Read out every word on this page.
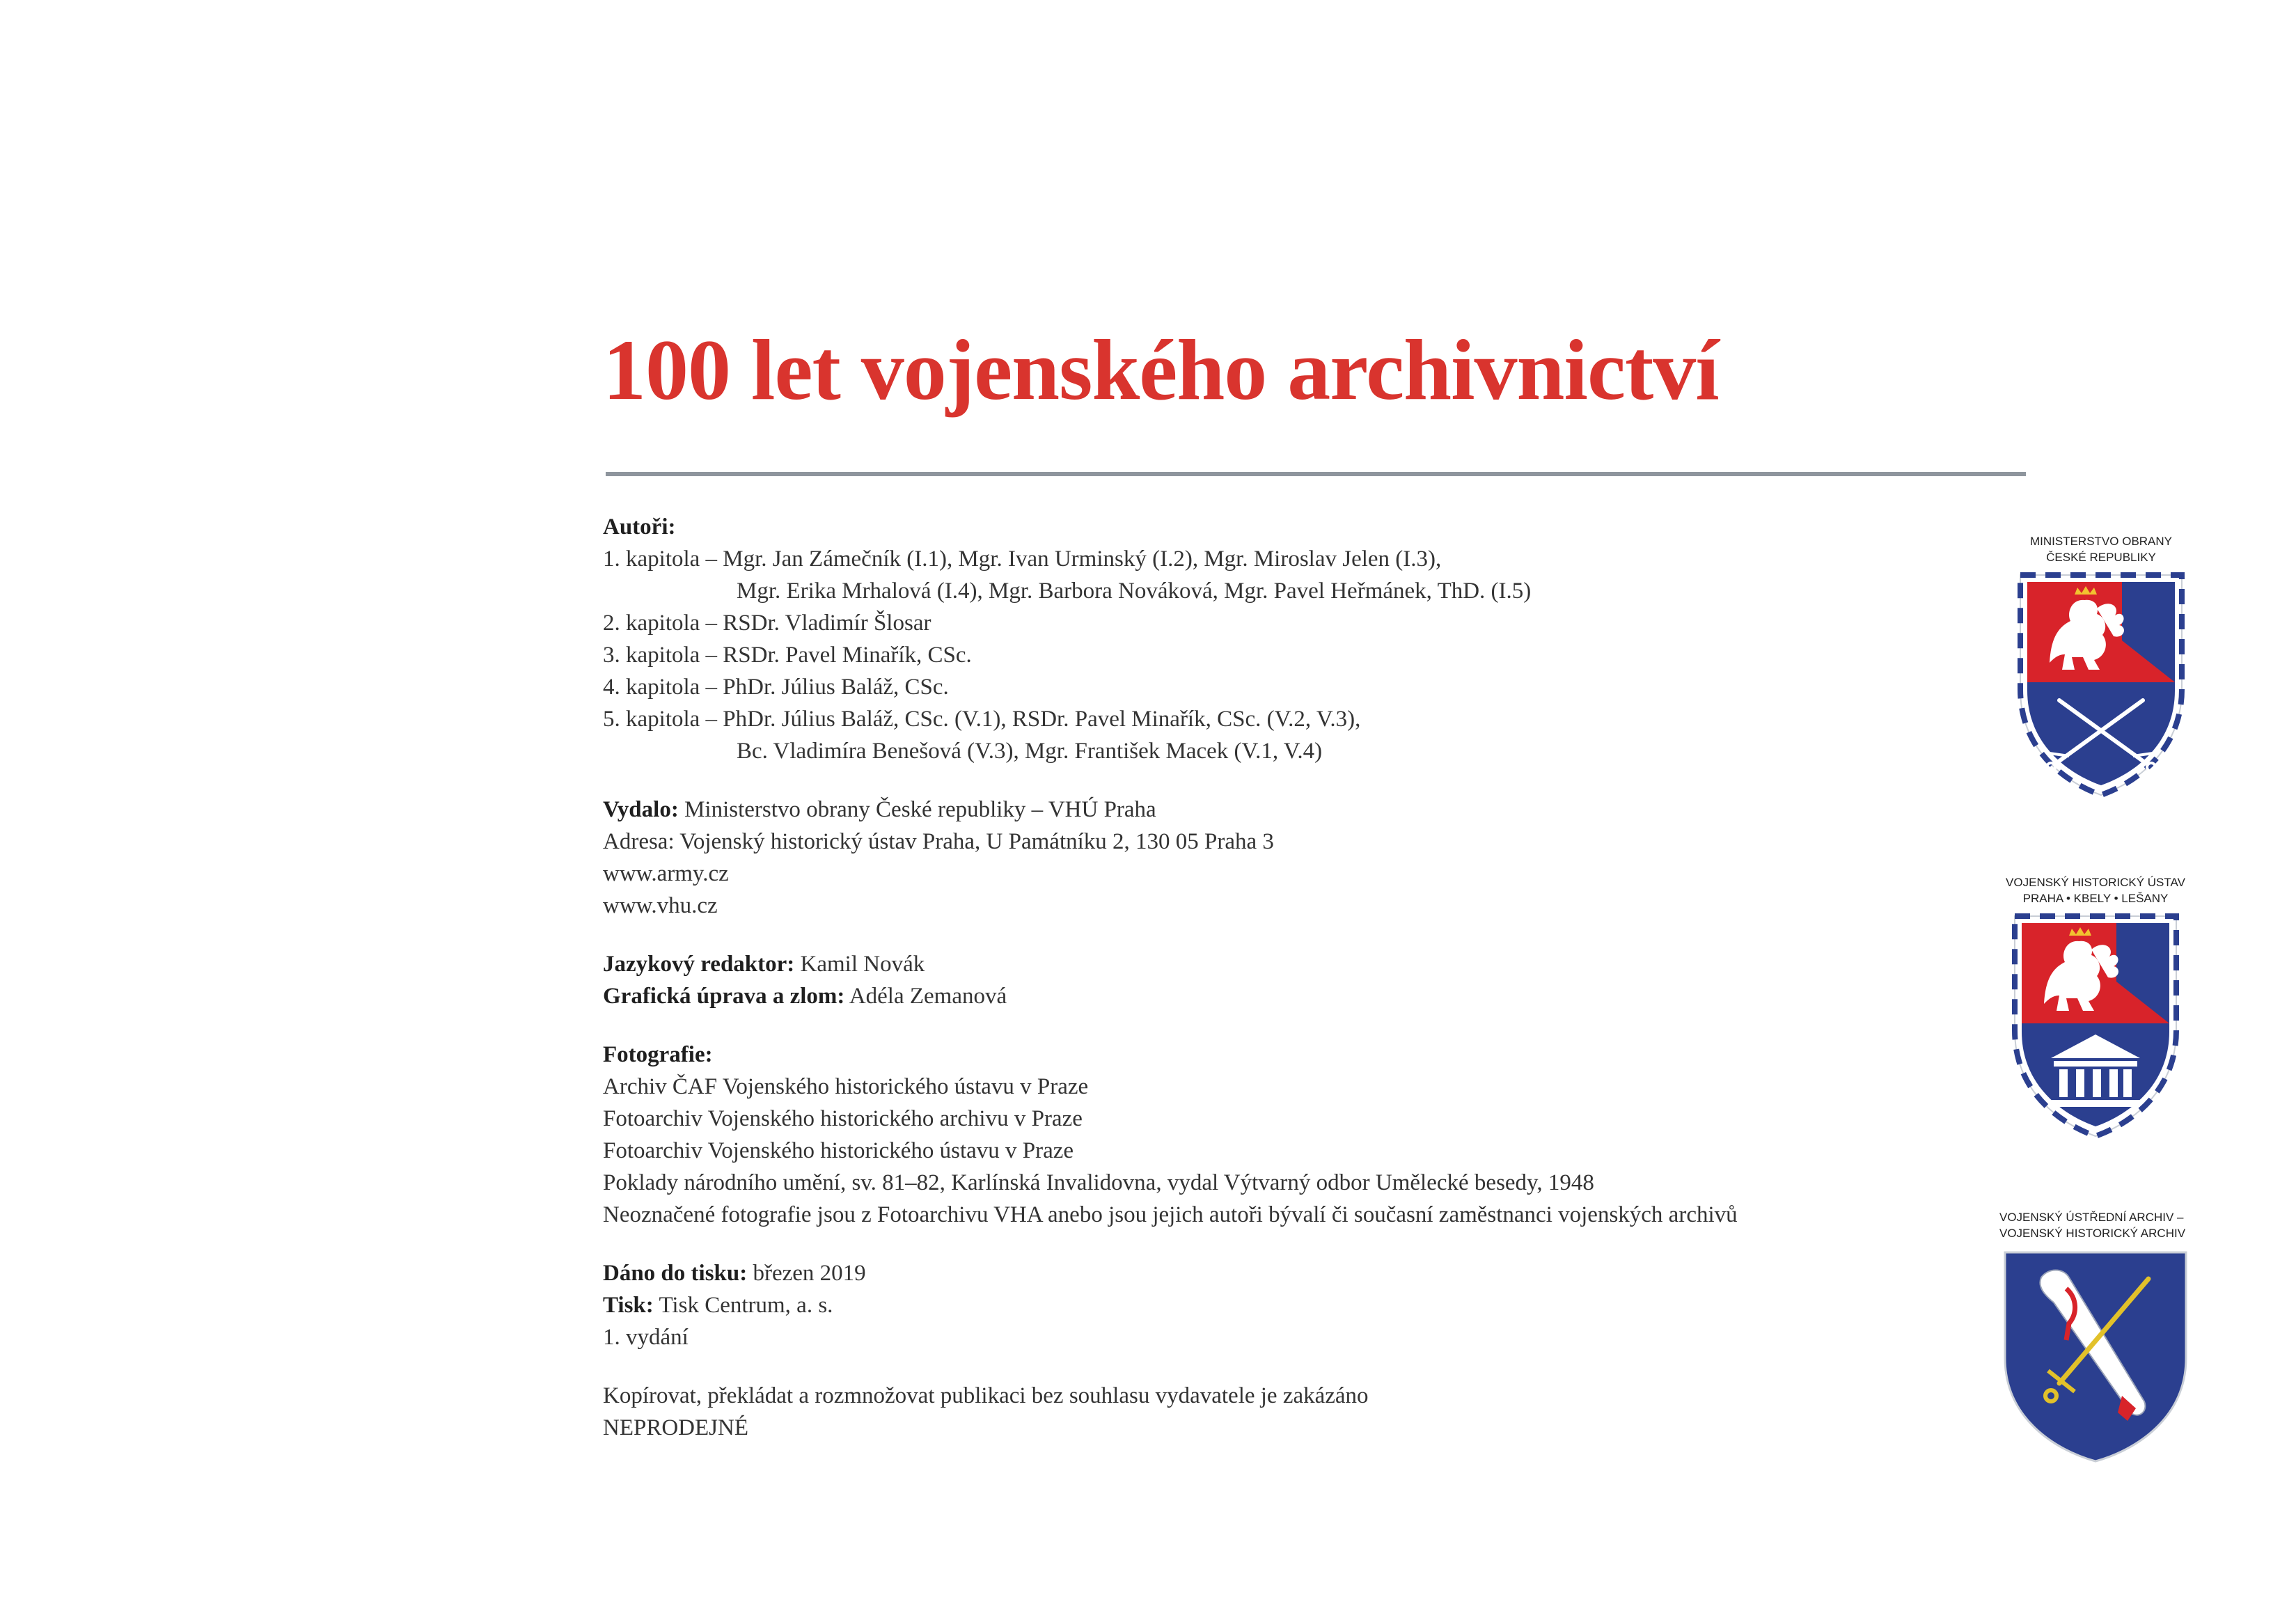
100 let vojenského archivnictví
Autoři:
1. kapitola – Mgr. Jan Zámečník (I.1), Mgr. Ivan Urminský (I.2), Mgr. Miroslav Jelen (I.3),
Mgr. Erika Mrhalová (I.4), Mgr. Barbora Nováková, Mgr. Pavel Heřmánek, ThD. (I.5)
2. kapitola – RSDr. Vladimír Šlosar
3. kapitola – RSDr. Pavel Minařík, CSc.
4. kapitola – PhDr. Július Baláž, CSc.
5. kapitola – PhDr. Július Baláž, CSc. (V.1), RSDr. Pavel Minařík, CSc. (V.2, V.3),
Bc. Vladimíra Benešová (V.3), Mgr. František Macek (V.1, V.4)
Vydalo: Ministerstvo obrany České republiky – VHÚ Praha
Adresa: Vojenský historický ústav Praha, U Památníku 2, 130 05 Praha 3
www.army.cz
www.vhu.cz
Jazykový redaktor: Kamil Novák
Grafická úprava a zlom: Adéla Zemanová
Fotografie:
Archiv ČAF Vojenského historického ústavu v Praze
Fotoarchiv Vojenského historického archivu v Praze
Fotoarchiv Vojenského historického ústavu v Praze
Poklady národního umění, sv. 81–82, Karlínská Invalidovna, vydal Výtvarný odbor Umělecké besedy, 1948
Neoznačené fotografie jsou z Fotoarchivu VHA anebo jsou jejich autoři bývalí či současní zaměstnanci vojenských archivů
Dáno do tisku: březen 2019
Tisk: Tisk Centrum, a. s.
1. vydání
Kopírovat, překládat a rozmnožovat publikaci bez souhlasu vydavatele je zakázáno
NEPRODEJNÉ
MINISTERSTVO OBRANY
ČESKÉ REPUBLIKY
VOJENSKÝ HISTORICKÝ ÚSTAV
PRAHA • KBELY • LEŠANY
VOJENSKÝ ÚSTŘEDNÍ ARCHIV –
VOJENSKÝ HISTORICKÝ ARCHIV
